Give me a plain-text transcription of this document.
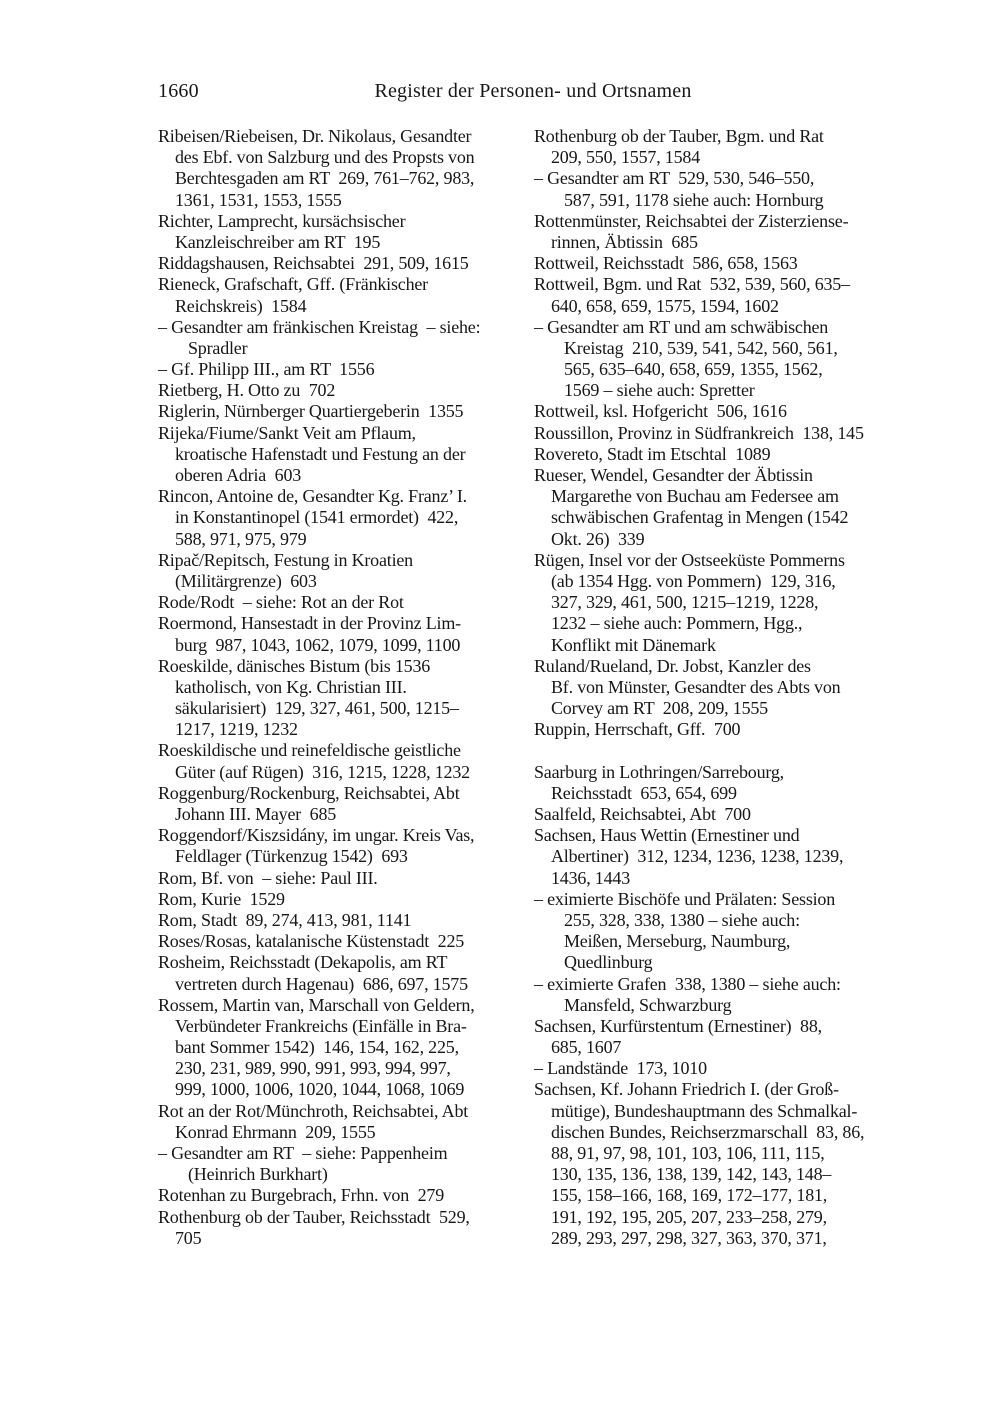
1660	Register der Personen- und Ortsnamen
Ribeisen/Riebeisen, Dr. Nikolaus, Gesandter
des Ebf. von Salzburg und des Propsts von
Berchtesgaden am RT  269, 761–762, 983,
1361, 1531, 1553, 1555
Richter, Lamprecht, kursächsischer
Kanzleischreiber am RT  195
Riddagshausen, Reichsabtei  291, 509, 1615
Rieneck, Grafschaft, Gff. (Fränkischer
Reichskreis)  1584
– Gesandter am fränkischen Kreistag  – siehe:
Spradler
– Gf. Philipp III., am RT  1556
Rietberg, H. Otto zu  702
Riglerin, Nürnberger Quartiergeberin  1355
Rijeka/Fiume/Sankt Veit am Pflaum,
kroatische Hafenstadt und Festung an der
oberen Adria  603
Rincon, Antoine de, Gesandter Kg. Franz’ I.
in Konstantinopel (1541 ermordet)  422,
588, 971, 975, 979
Ripač/Repitsch, Festung in Kroatien
(Militärgrenze)  603
Rode/Rodt  – siehe: Rot an der Rot
Roermond, Hansestadt in der Provinz Lim-
burg  987, 1043, 1062, 1079, 1099, 1100
Roeskilde, dänisches Bistum (bis 1536
katholisch, von Kg. Christian III.
säkularisiert)  129, 327, 461, 500, 1215–
1217, 1219, 1232
Roeskildische und reinefeldische geistliche
Güter (auf Rügen)  316, 1215, 1228, 1232
Roggenburg/Rockenburg, Reichsabtei, Abt
Johann III. Mayer  685
Roggendorf/Kiszsidány, im ungar. Kreis Vas,
Feldlager (Türkenzug 1542)  693
Rom, Bf. von  – siehe: Paul III.
Rom, Kurie  1529
Rom, Stadt  89, 274, 413, 981, 1141
Roses/Rosas, katalanische Küstenstadt  225
Rosheim, Reichsstadt (Dekapolis, am RT
vertreten durch Hagenau)  686, 697, 1575
Rossem, Martin van, Marschall von Geldern,
Verbündeter Frankreichs (Einfälle in Bra-
bant Sommer 1542)  146, 154, 162, 225,
230, 231, 989, 990, 991, 993, 994, 997,
999, 1000, 1006, 1020, 1044, 1068, 1069
Rot an der Rot/Münchroth, Reichsabtei, Abt
Konrad Ehrmann  209, 1555
– Gesandter am RT  – siehe: Pappenheim
(Heinrich Burkhart)
Rotenhan zu Burgebrach, Frhn. von  279
Rothenburg ob der Tauber, Reichsstadt  529,
705
Rothenburg ob der Tauber, Bgm. und Rat
209, 550, 1557, 1584
– Gesandter am RT  529, 530, 546–550,
587, 591, 1178 siehe auch: Hornburg
Rottenmünster, Reichsabtei der Zisterziense-
rinnen, Äbtissin  685
Rottweil, Reichsstadt  586, 658, 1563
Rottweil, Bgm. und Rat  532, 539, 560, 635–
640, 658, 659, 1575, 1594, 1602
– Gesandter am RT und am schwäbischen
Kreistag  210, 539, 541, 542, 560, 561,
565, 635–640, 658, 659, 1355, 1562,
1569 – siehe auch: Spretter
Rottweil, ksl. Hofgericht  506, 1616
Roussillon, Provinz in Südfrankreich  138, 145
Rovereto, Stadt im Etschtal  1089
Rueser, Wendel, Gesandter der Äbtissin
Margarethe von Buchau am Federsee am
schwäbischen Grafentag in Mengen (1542
Okt. 26)  339
Rügen, Insel vor der Ostseeküste Pommerns
(ab 1354 Hgg. von Pommern)  129, 316,
327, 329, 461, 500, 1215–1219, 1228,
1232 – siehe auch: Pommern, Hgg.,
Konflikt mit Dänemark
Ruland/Rueland, Dr. Jobst, Kanzler des
Bf. von Münster, Gesandter des Abts von
Corvey am RT  208, 209, 1555
Ruppin, Herrschaft, Gff.  700
Saarburg in Lothringen/Sarrebourg,
Reichsstadt  653, 654, 699
Saalfeld, Reichsabtei, Abt  700
Sachsen, Haus Wettin (Ernestiner und
Albertiner)  312, 1234, 1236, 1238, 1239,
1436, 1443
– eximierte Bischöfe und Prälaten: Session
255, 328, 338, 1380 – siehe auch:
Meißen, Merseburg, Naumburg,
Quedlinburg
– eximierte Grafen  338, 1380 – siehe auch:
Mansfeld, Schwarzburg
Sachsen, Kurfürstentum (Ernestiner)  88,
685, 1607
– Landstände  173, 1010
Sachsen, Kf. Johann Friedrich I. (der Groß-
mütige), Bundeshauptmann des Schmalkal-
dischen Bundes, Reichserzmarschall  83, 86,
88, 91, 97, 98, 101, 103, 106, 111, 115,
130, 135, 136, 138, 139, 142, 143, 148–
155, 158–166, 168, 169, 172–177, 181,
191, 192, 195, 205, 207, 233–258, 279,
289, 293, 297, 298, 327, 363, 370, 371,
